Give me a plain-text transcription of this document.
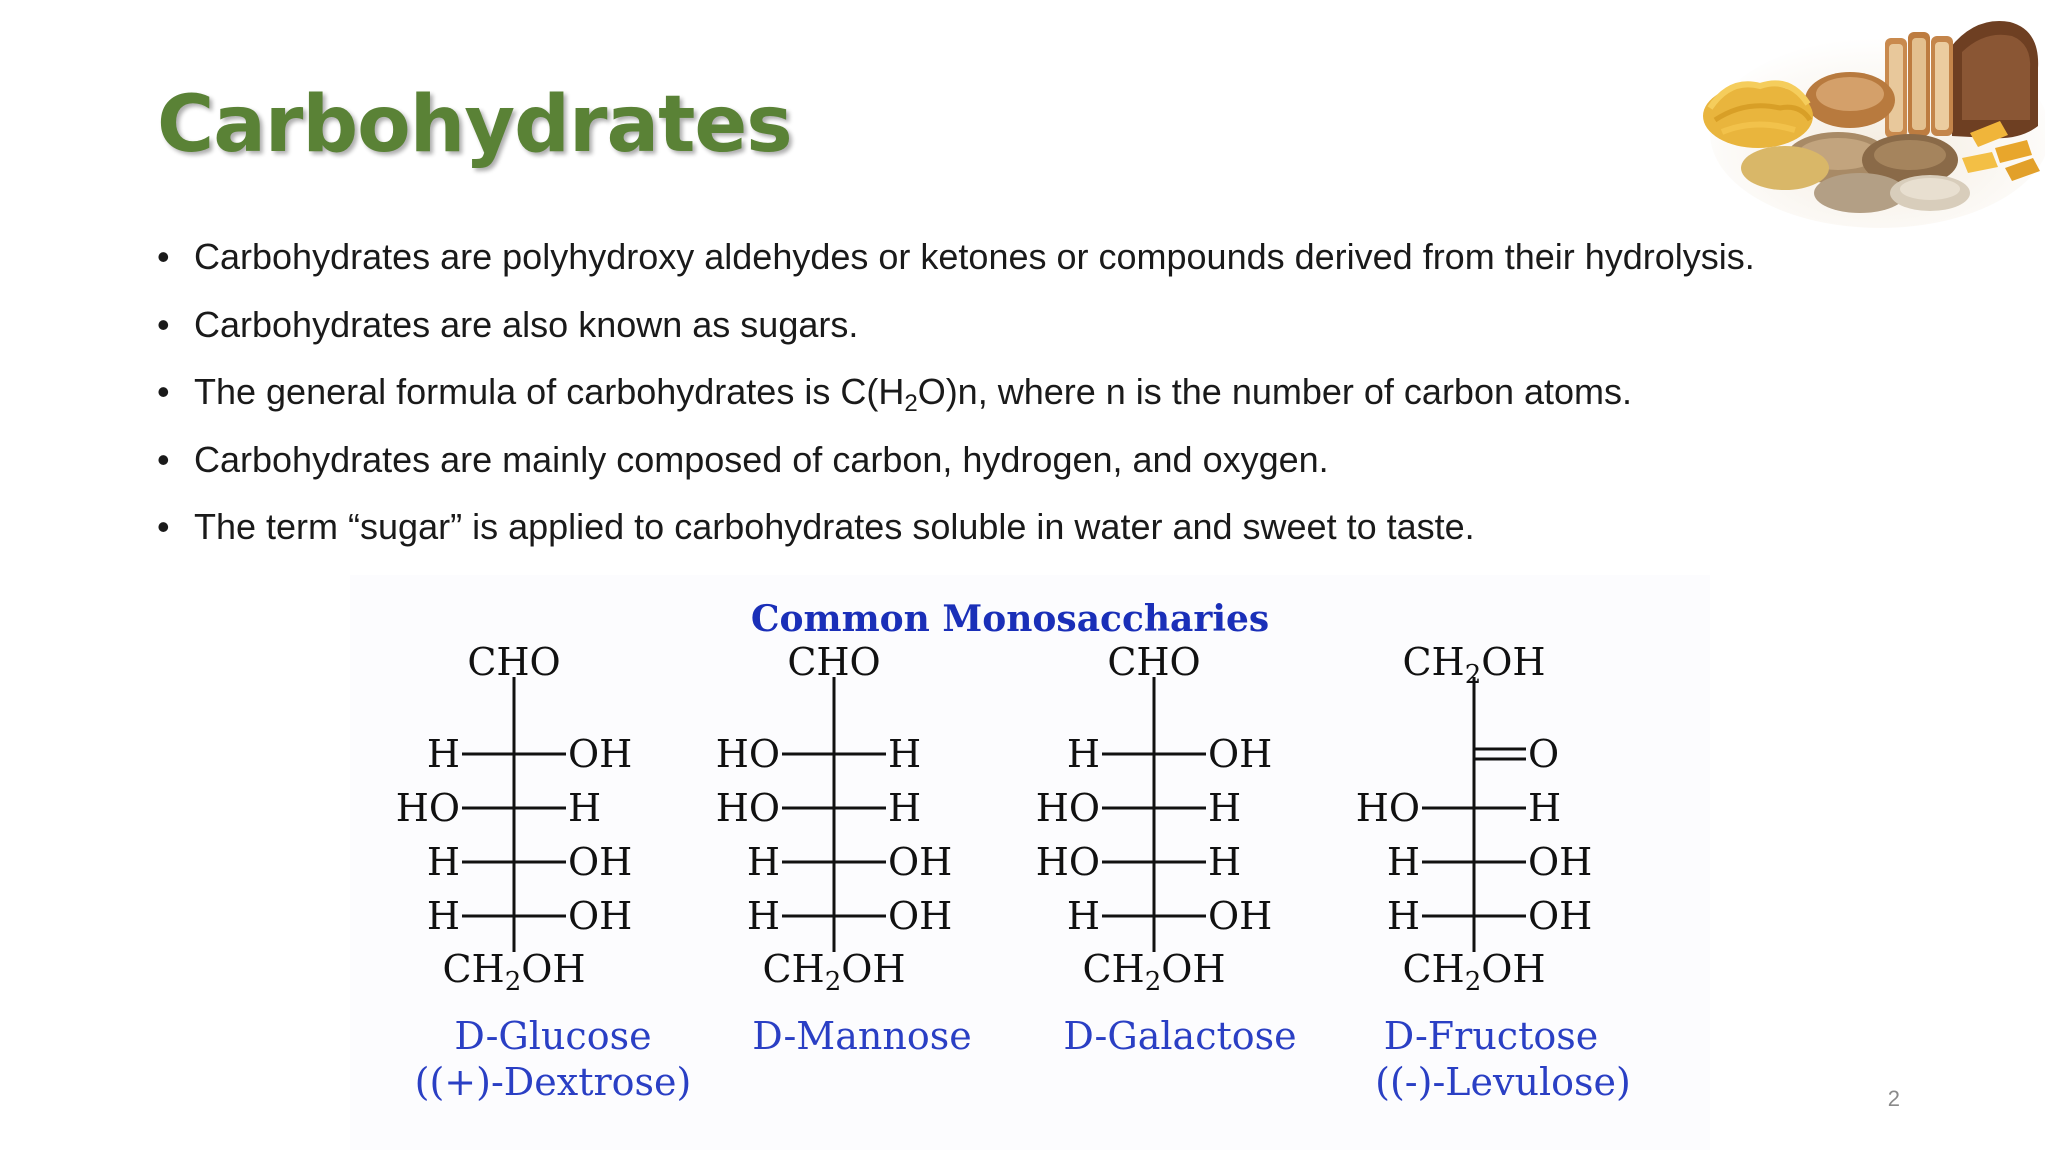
Carbohydrates
• Carbohydrates are polyhydroxy aldehydes or ketones or compounds derived from their hydrolysis.
• Carbohydrates are also known as sugars.
• The general formula of carbohydrates is $C(H_2O)n$, where n is the number of carbon atoms.
• Carbohydrates are mainly composed of carbon, hydrogen, and oxygen.
• The term “sugar” is applied to carbohydrates soluble in water and sweet to taste.
Common Monosaccharies
CHO
H	OH
HO	H
H	OH
H	OH
$CH_2OH$
CHO
HO	H
HO	H
H	OH
H	OH
$CH_2OH$
CHO
H	OH
HO	H
HO	H
H	OH
$CH_2OH$
$CH_2OH$
O
HO	H
H	OH
H	OH
$CH_2OH$
D-Glucose
((+)-Dextrose)
D-Mannose D-Galactose D-Fructose
((-)-Levulose)	2
